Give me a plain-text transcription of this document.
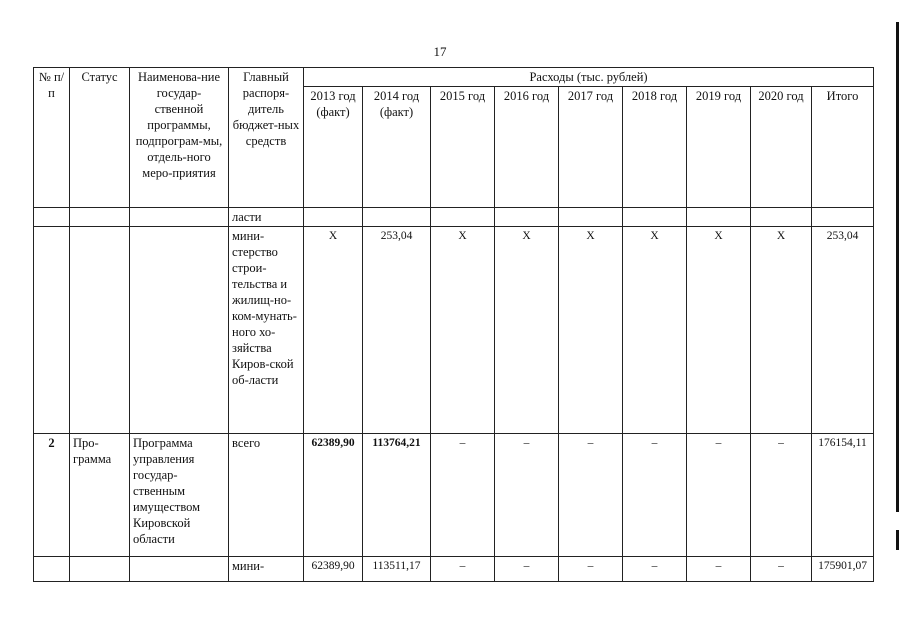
17
№ п/п	Статус	Наименова-ние государ-ственной программы, подпрограм-мы, отдель-ного меро-приятия	Главный распоря-дитель бюджет-ных средств	Расходы (тыс. рублей)								
				2013 год (факт)	2014 год (факт)	2015 год	2016 год	2017 год	2018 год	2019 год	2020 год	Итого
			ласти									
			мини-стерство строи-тельства и жилищ-но-ком-мунать-ного хо-зяйства Киров-ской об-ласти	Х	253,04	Х	Х	Х	Х	Х	Х	253,04
2	Про-грамма	Программа управления государ-ственным имуществом Кировской области	всего	62389,90	113764,21	–	–	–	–	–	–	176154,11
			мини-	62389,90	113511,17	–	–	–	–	–	–	175901,07
